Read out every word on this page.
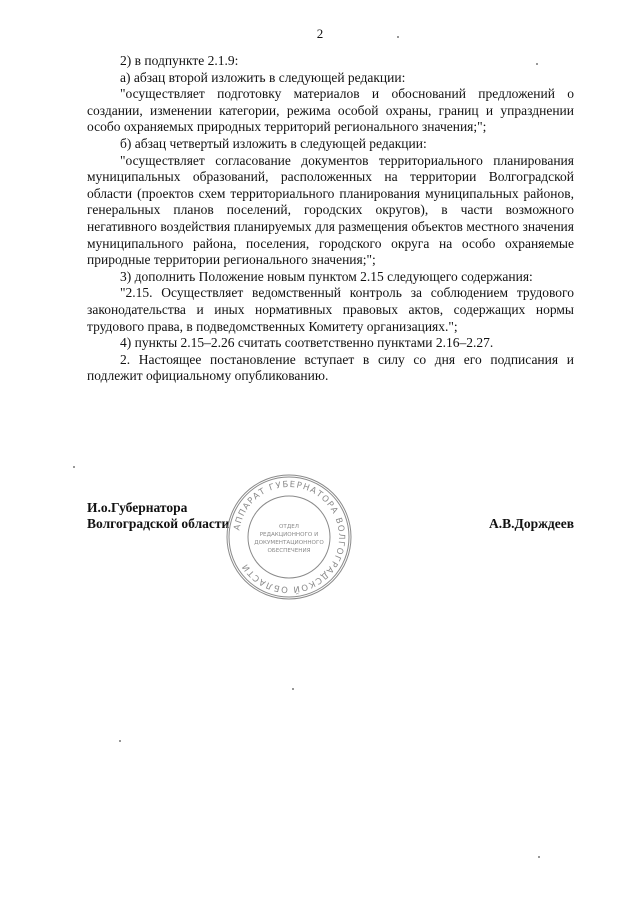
2

2) в подпункте 2.1.9:

а) абзац второй изложить в следующей редакции:

"осуществляет подготовку материалов и обоснований предложений о создании, изменении категории, режима особой охраны, границ и упразднении особо охраняемых природных территорий регионального значения;";

б) абзац четвертый изложить в следующей редакции:

"осуществляет согласование документов территориального планирования муниципальных образований, расположенных на территории Волгоградской области (проектов схем территориального планирования муниципальных районов, генеральных планов поселений, городских округов), в части возможного негативного воздействия планируемых для размещения объектов местного значения муниципального района, поселения, городского округа на особо охраняемые природные территории регионального значения;";

3) дополнить Положение новым пунктом 2.15 следующего содержания:

"2.15. Осуществляет ведомственный контроль за соблюдением трудового законодательства и иных нормативных правовых актов, содержащих нормы трудового права, в подведомственных Комитету организациях.";

4) пункты 2.15–2.26 считать соответственно пунктами 2.16–2.27.

2. Настоящее постановление вступает в силу со дня его подписания и подлежит официальному опубликованию.

И.о.Губернатора
Волгоградской области	А.В.Дорждеев
АППАРАТ ГУБЕРНАТОРА ВОЛГОГРАДСКОЙ ОБЛАСТИ
ОТДЕЛ
РЕДАКЦИОННОГО И
ДОКУМЕНТАЦИОННОГО
ОБЕСПЕЧЕНИЯ
